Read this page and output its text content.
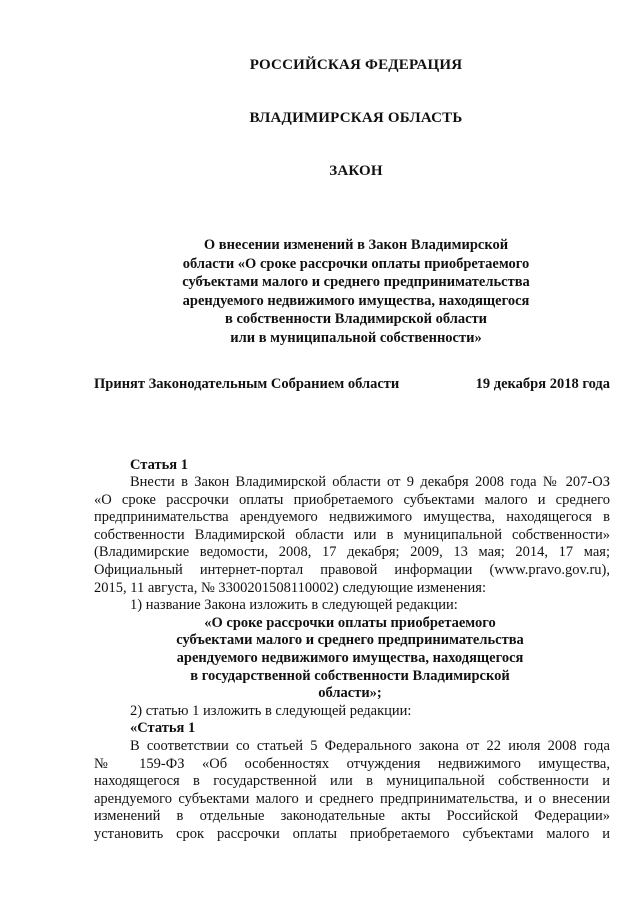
РОССИЙСКАЯ ФЕДЕРАЦИЯ
ВЛАДИМИРСКАЯ ОБЛАСТЬ
ЗАКОН
О внесении изменений в Закон Владимирской
области «О сроке рассрочки оплаты приобретаемого
субъектами малого и среднего предпринимательства
арендуемого недвижимого имущества, находящегося
в собственности Владимирской области
или в муниципальной собственности»
Принят Законодательным Собранием области	19 декабря 2018 года
Статья 1
Внести в Закон Владимирской области от 9 декабря 2008 года № 207-ОЗ
«О сроке рассрочки оплаты приобретаемого субъектами малого и среднего
предпринимательства арендуемого недвижимого имущества, находящегося в
собственности Владимирской области или в муниципальной собственности»
(Владимирские ведомости, 2008, 17 декабря; 2009, 13 мая; 2014, 17 мая;
Официальный интернет-портал правовой информации (www.pravo.gov.ru),
2015, 11 августа, № 3300201508110002) следующие изменения:
1) название Закона изложить в следующей редакции:
«О сроке рассрочки оплаты приобретаемого
субъектами малого и среднего предпринимательства
арендуемого недвижимого имущества, находящегося
в государственной собственности Владимирской
области»;
2) статью 1 изложить в следующей редакции:
«Статья 1
В соответствии со статьей 5 Федерального закона от 22 июля 2008 года
№ 159-ФЗ «Об особенностях отчуждения недвижимого имущества,
находящегося в государственной или в муниципальной собственности и
арендуемого субъектами малого и среднего предпринимательства, и о внесении
изменений в отдельные законодательные акты Российской Федерации»
установить срок рассрочки оплаты приобретаемого субъектами малого и
